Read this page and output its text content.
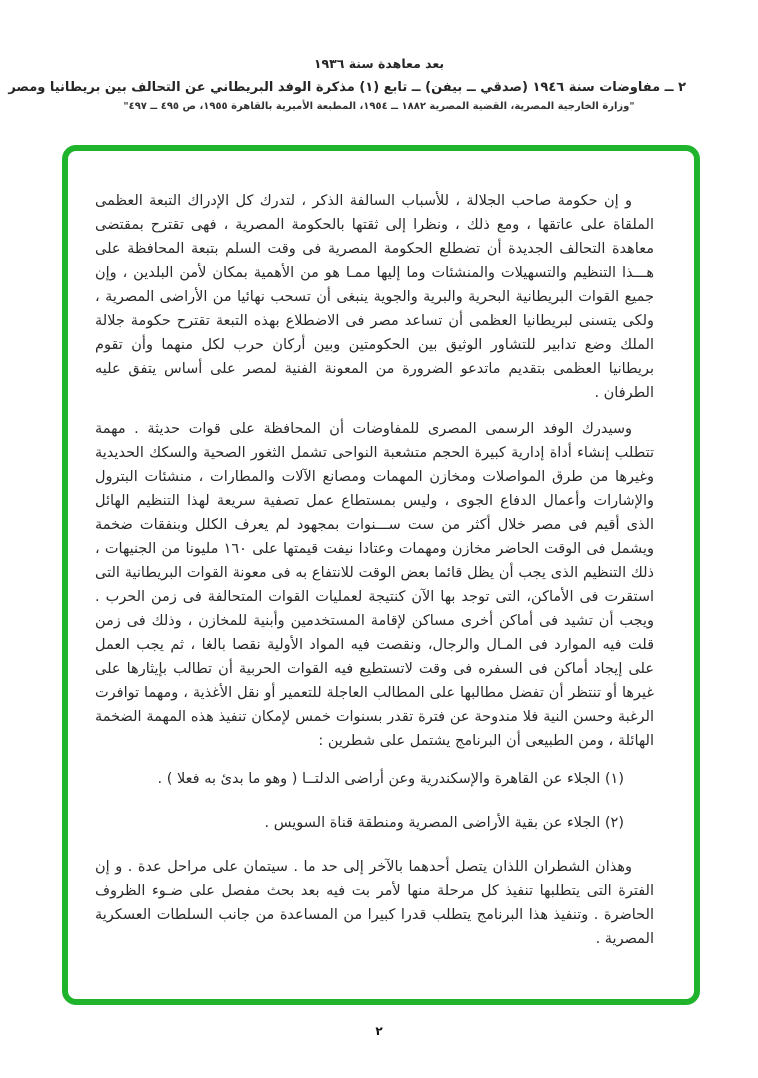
بعد معاهدة سنة ١٩٣٦
٢ ــ مفاوضات سنة ١٩٤٦ (صدقي ــ بيفن) ــ تابع (١) مذكرة الوفد البريطاني عن التحالف بين بريطانيا ومصر
"وزارة الخارجية المصرية، القضية المصرية ١٨٨٢ ــ ١٩٥٤، المطبعة الأميرية بالقاهرة ١٩٥٥، ص ٤٩٥ ــ ٤٩٧"

و إن حكومة صاحب الجلالة ، للأسباب السالفة الذكر ، لتدرك كل الإدراك التبعة العظمى الملقاة على عاتقها ، ومع ذلك ، ونظرا إلى ثقتها بالحكومة المصرية ، فهى تقترح بمقتضى معاهدة التحالف الجديدة أن تضطلع الحكومة المصرية فى وقت السلم بتبعة المحافظة على هـــذا التنظيم والتسهيلات والمنشئات وما إليها ممـا هو من الأهمية بمكان لأمن البلدين ، وإن جميع القوات البريطانية البحرية والبرية والجوية ينبغى أن تسحب نهائيا من الأراضى المصرية ، ولكى يتسنى لبريطانيا العظمى أن تساعد مصر فى الاضطلاع بهذه التبعة تقترح حكومة جلالة الملك وضع تدابير للتشاور الوثيق بين الحكومتين وبين أركان حرب لكل منهما وأن تقوم بريطانيا العظمى بتقديم ماتدعو الضرورة من المعونة الفنية لمصر على أساس يتفق عليه الطرفان .

وسيدرك الوفد الرسمى المصرى للمفاوضات أن المحافظة على قوات حديثة . مهمة تتطلب إنشاء أداة إدارية كبيرة الحجم متشعبة النواحى تشمل الثغور الصحية والسكك الحديدية وغيرها من طرق المواصلات ومخازن المهمات ومصانع الآلات والمطارات ، منشئات البترول والإشارات وأعمال الدفاع الجوى ، وليس بمستطاع عمل تصفية سريعة لهذا التنظيم الهائل الذى أقيم فى مصر خلال أكثر من ست ســـنوات بمجهود لم يعرف الكلل وبنفقات ضخمة ويشمل فى الوقت الحاضر مخازن ومهمات وعتادا نيفت قيمتها على ١٦٠ مليونا من الجنيهات ، ذلك التنظيم الذى يجب أن يظل قائما بعض الوقت للانتفاع به فى معونة القوات البريطانية التى استقرت فى الأماكن، التى توجد بها الآن كنتيجة لعمليات القوات المتحالفة فى زمن الحرب . ويجب أن تشيد فى أماكن أخرى مساكن لإقامة المستخدمين وأبنية للمخازن ، وذلك فى زمن قلت فيه الموارد فى المـال والرجال، ونقصت فيه المواد الأولية نقصا بالغا ، ثم يجب العمل على إيجاد أماكن فى السفره فى وقت لاتستطيع فيه القوات الحربية أن تطالب بإيثارها على غيرها أو تنتظر أن تفضل مطالبها على المطالب العاجلة للتعمير أو نقل الأغذية ، ومهما توافرت الرغبة وحسن النية فلا مندوحة عن فترة تقدر بسنوات خمس لإمكان تنفيذ هذه المهمة الضخمة الهائلة ، ومن الطبيعى أن البرنامج يشتمل على شطرين :

(١) الجلاء عن القاهرة والإسكندرية وعن أراضى الدلتــا ( وهو ما بدئ به فعلا ) .
(٢) الجلاء عن بقية الأراضى المصرية ومنطقة قناة السويس .

وهذان الشطران اللذان يتصل أحدهما بالآخر إلى حد ما . سيتمان على مراحل عدة . و إن الفترة التى يتطلبها تنفيذ كل مرحلة منها لأمر بت فيه بعد بحث مفصل على ضـوء الظروف الحاضرة . وتنفيذ هذا البرنامج يتطلب قدرا كبيرا من المساعدة من جانب السلطات العسكرية المصرية .

٢
